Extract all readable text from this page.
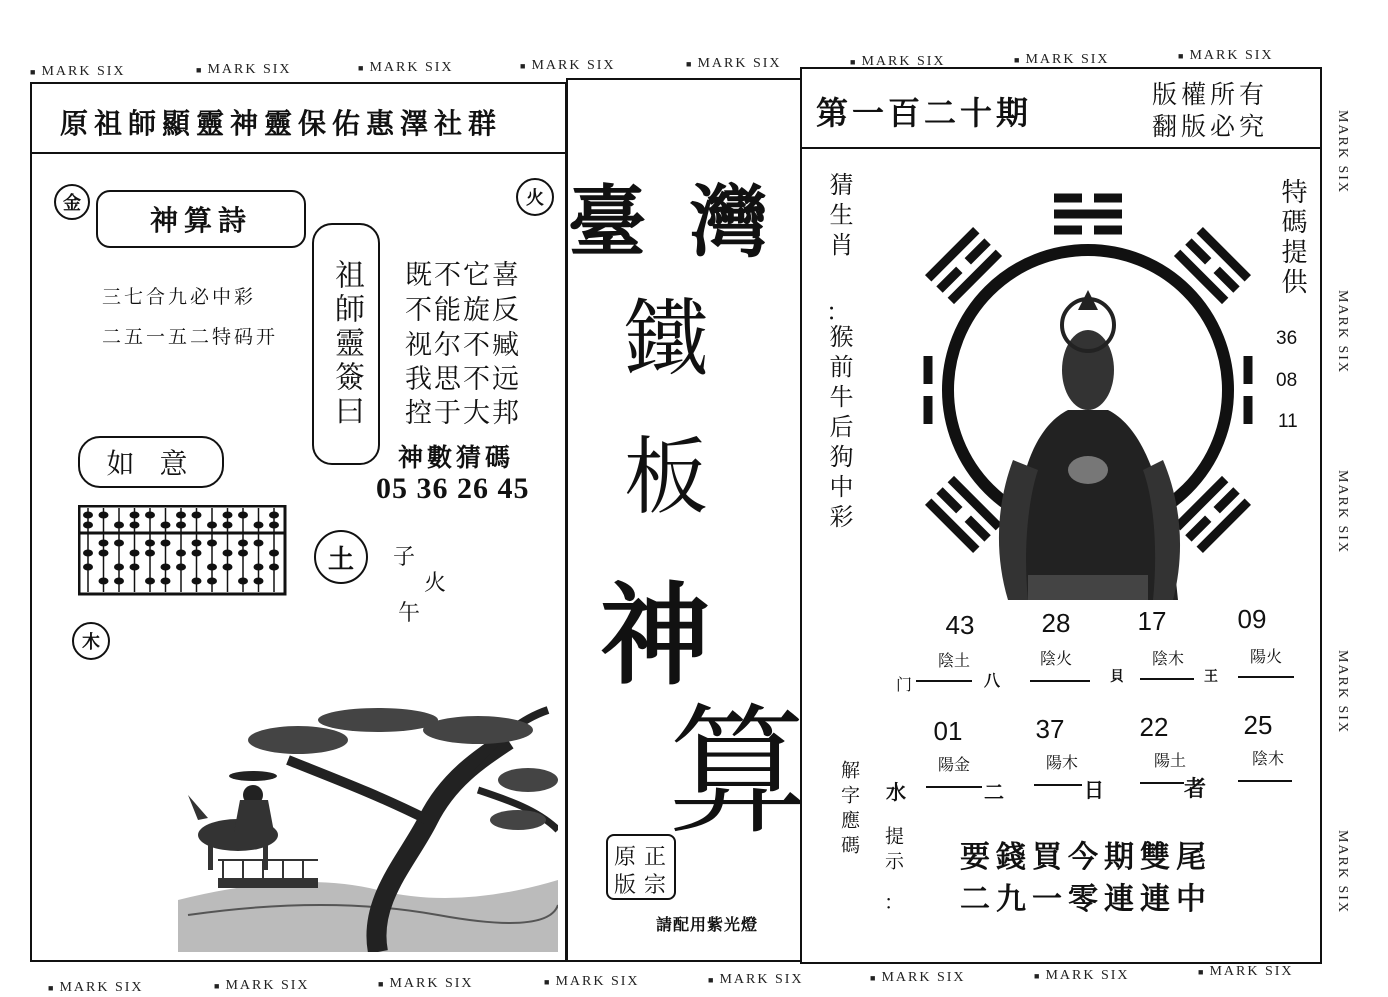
原祖師顯靈神靈保佑惠澤社群
金	火
神算詩
三七合九必中彩
二五一五二特码开 祖師靈簽曰 既不它喜
不能旋反
视尔不臧
我思不远
控于大邦
神數猜碼
05 36 26 45
如 意
土	子
火
午
木
臺 灣
鐵
板
神
算
原 正
版 宗
請配用紫光燈
第一百二十期	版權所有
翻版必究
猜生肖
：
猴前牛后狗中彩
特碼提供
36
08
11
43	28	17	09
陰土	陰火	陰木	陽火
门	八	貝	王
01	37	22	25
陽金	陽木	陽土	陰木
水	二	日	者
解字應碼 提示
：
要錢買今期雙尾
二九一零連連中
■ MARK SIX	■ MARK SIX	■ MARK SIX	■ MARK SIX	■ MARK SIX	■ MARK SIX	■ MARK SIX	■ MARK SIX
■ MARK SIX	■ MARK SIX	■ MARK SIX	■ MARK SIX	■ MARK SIX	■ MARK SIX	■ MARK SIX	■ MARK SIX
MARK SIX
MARK SIX
MARK SIX
MARK SIX
MARK SIX
